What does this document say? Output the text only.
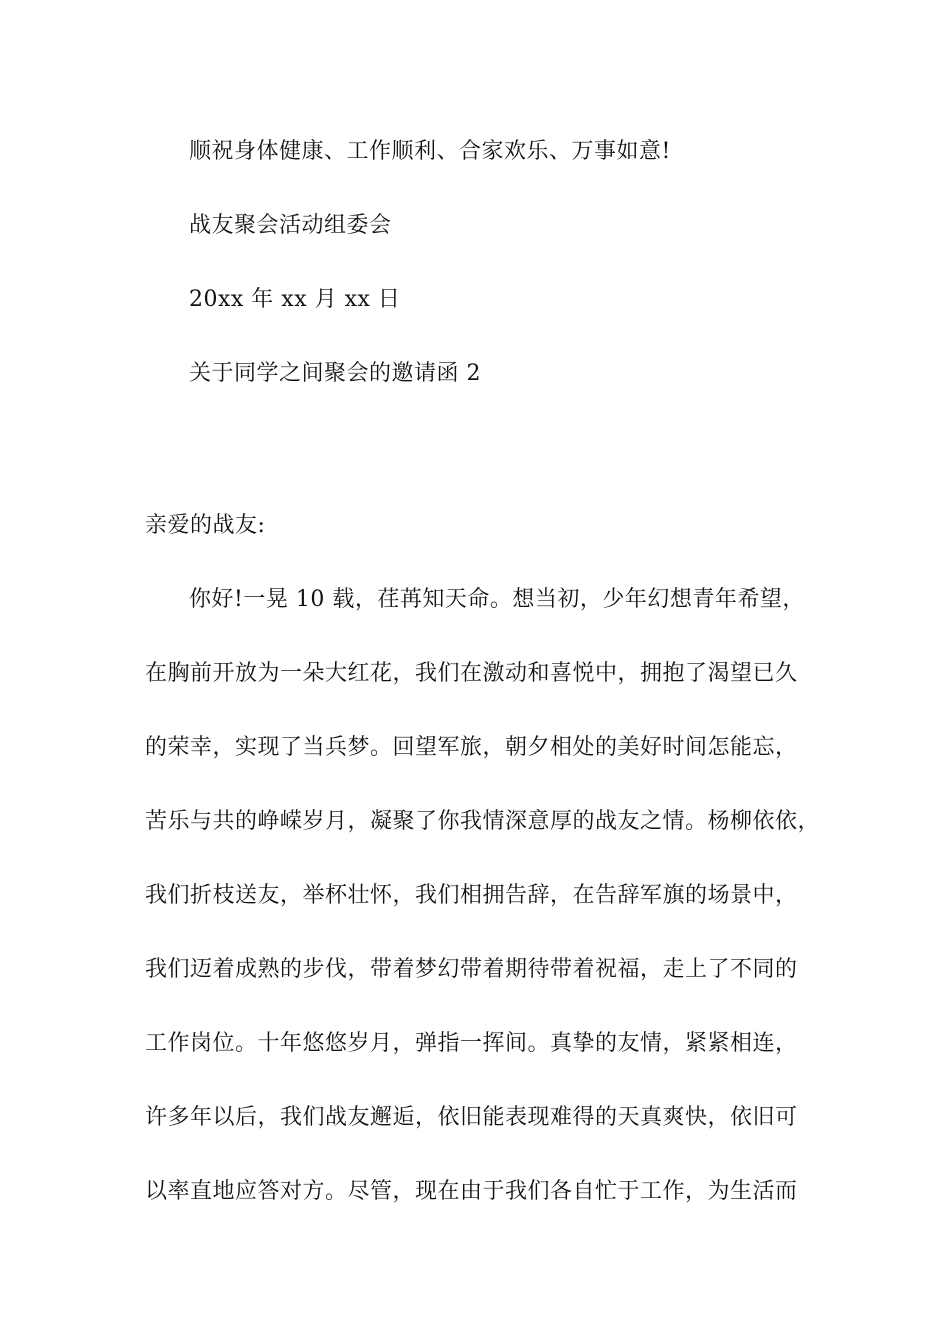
顺祝身体健康、工作顺利、合家欢乐、万事如意!
战友聚会活动组委会
20xx 年 xx 月 xx 日
关于同学之间聚会的邀请函 2
亲爱的战友:
你好!一晃 10 载，荏苒知天命。想当初，少年幻想青年希望，
在胸前开放为一朵大红花，我们在激动和喜悦中，拥抱了渴望已久
的荣幸，实现了当兵梦。回望军旅，朝夕相处的美好时间怎能忘，
苦乐与共的峥嵘岁月，凝聚了你我情深意厚的战友之情。杨柳依依，
我们折枝送友，举杯壮怀，我们相拥告辞，在告辞军旗的场景中，
我们迈着成熟的步伐，带着梦幻带着期待带着祝福，走上了不同的
工作岗位。十年悠悠岁月，弹指一挥间。真挚的友情，紧紧相连，
许多年以后，我们战友邂逅，依旧能表现难得的天真爽快，依旧可
以率直地应答对方。尽管，现在由于我们各自忙于工作，为生活而
